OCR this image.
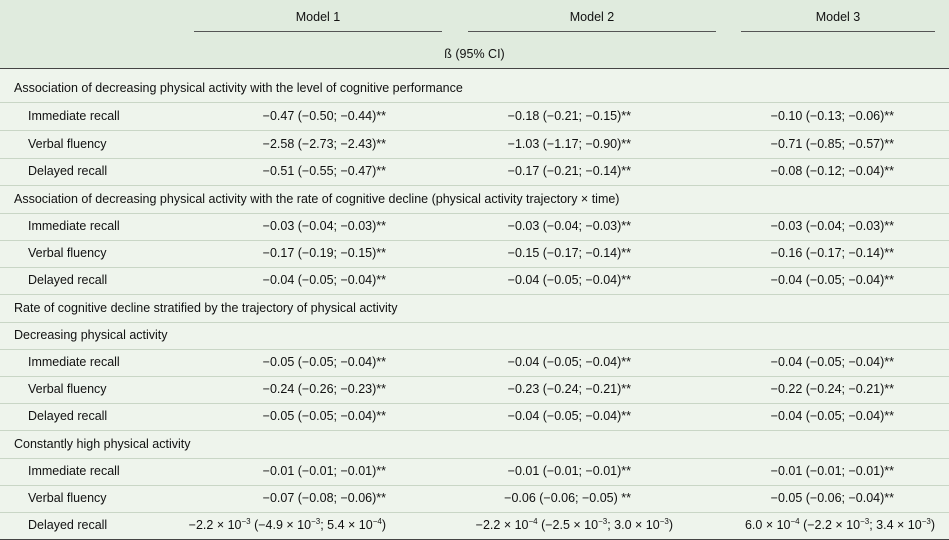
Model 1	Model 2	Model 3
ß (95% CI)
Association of decreasing physical activity with the level of cognitive performance
Immediate recall	−0.47 (−0.50; −0.44)**	−0.18 (−0.21; −0.15)**	−0.10 (−0.13; −0.06)**
Verbal fluency	−2.58 (−2.73; −2.43)**	−1.03 (−1.17; −0.90)**	−0.71 (−0.85; −0.57)**
Delayed recall	−0.51 (−0.55; −0.47)**	−0.17 (−0.21; −0.14)**	−0.08 (−0.12; −0.04)**
Association of decreasing physical activity with the rate of cognitive decline (physical activity trajectory × time)
Immediate recall	−0.03 (−0.04; −0.03)**	−0.03 (−0.04; −0.03)**	−0.03 (−0.04; −0.03)**
Verbal fluency	−0.17 (−0.19; −0.15)**	−0.15 (−0.17; −0.14)**	−0.16 (−0.17; −0.14)**
Delayed recall	−0.04 (−0.05; −0.04)**	−0.04 (−0.05; −0.04)**	−0.04 (−0.05; −0.04)**
Rate of cognitive decline stratified by the trajectory of physical activity
Decreasing physical activity
Immediate recall	−0.05 (−0.05; −0.04)**	−0.04 (−0.05; −0.04)**	−0.04 (−0.05; −0.04)**
Verbal fluency	−0.24 (−0.26; −0.23)**	−0.23 (−0.24; −0.21)**	−0.22 (−0.24; −0.21)**
Delayed recall	−0.05 (−0.05; −0.04)**	−0.04 (−0.05; −0.04)**	−0.04 (−0.05; −0.04)**
Constantly high physical activity
Immediate recall	−0.01 (−0.01; −0.01)**	−0.01 (−0.01; −0.01)**	−0.01 (−0.01; −0.01)**
Verbal fluency	−0.07 (−0.08; −0.06)**	−0.06 (−0.06; −0.05) **	−0.05 (−0.06; −0.04)**
Delayed recall	$-2.2 \times 10^{-3}$ ($-4.9 \times 10^{-3}$; $5.4 \times 10^{-4}$)	$-2.2 \times 10^{-4}$ ($-2.5 \times 10^{-3}$; $3.0 \times 10^{-3}$)	$6.0 \times 10^{-4}$ ($-2.2 \times 10^{-3}$; $3.4 \times 10^{-3}$)
